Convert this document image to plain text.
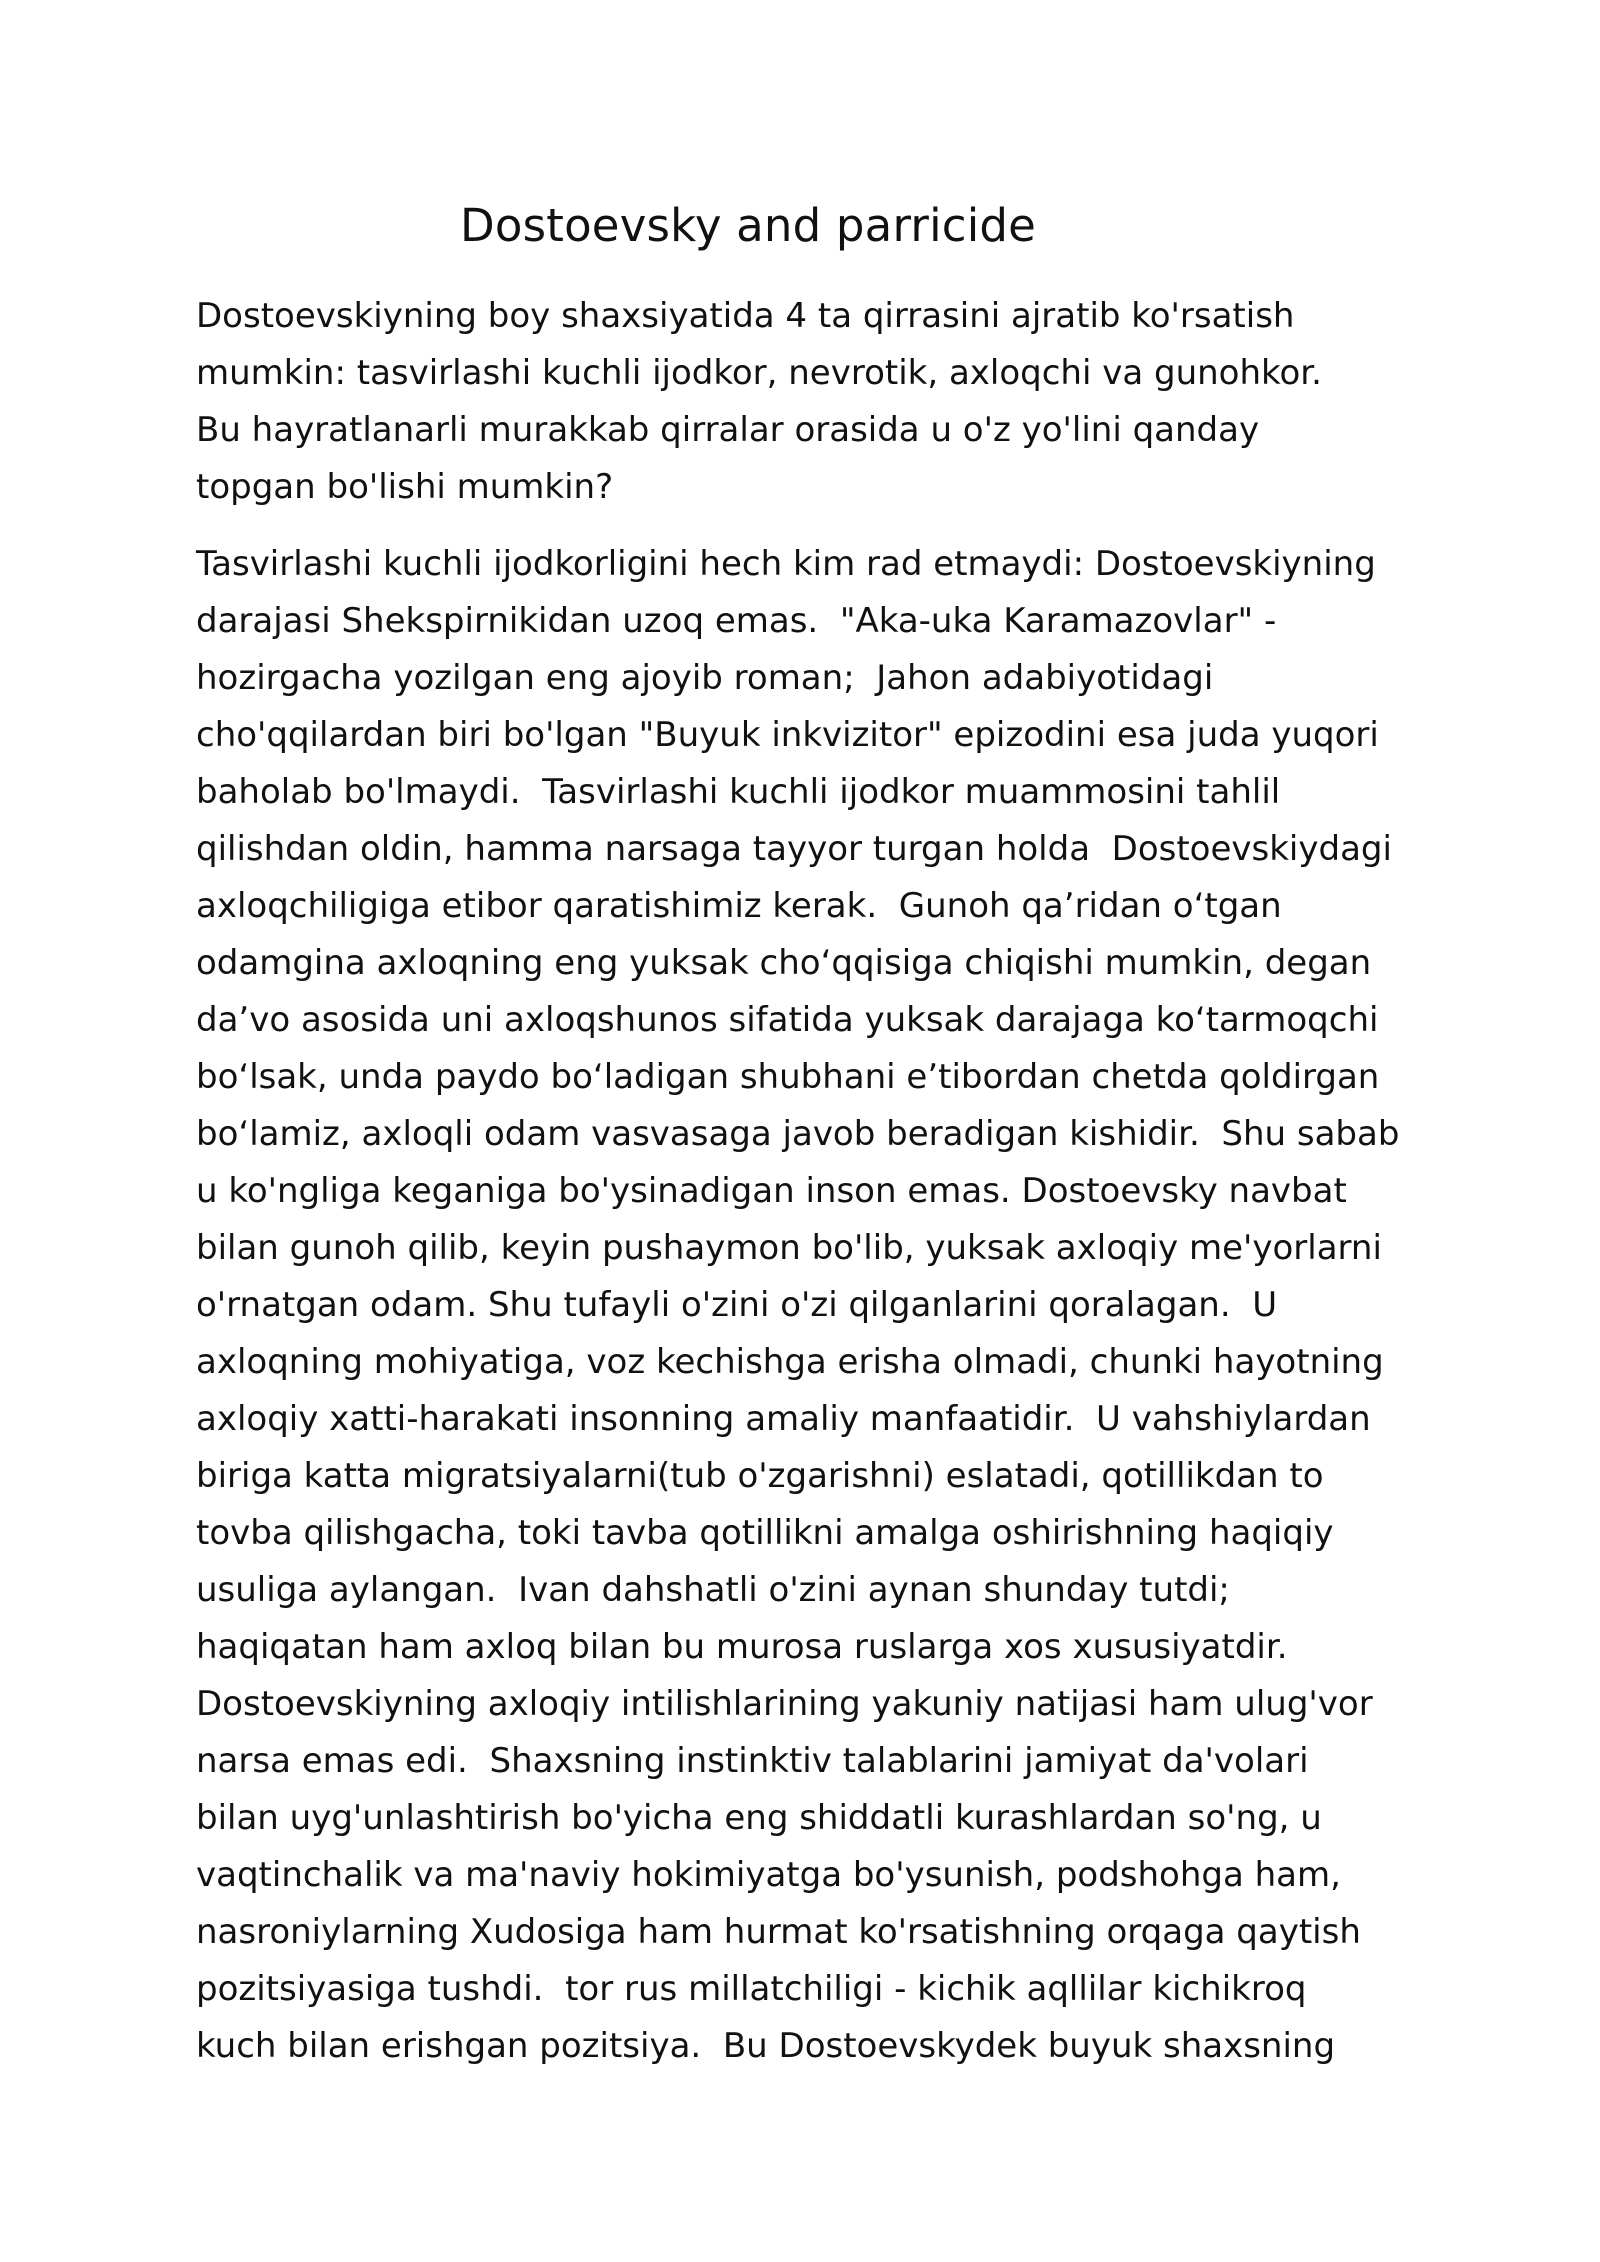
Dostoevsky and parricide
Dostoevskiyning boy shaxsiyatida 4 ta qirrasini ajratib ko'rsatish
mumkin: tasvirlashi kuchli ijodkor, nevrotik, axloqchi va gunohkor.
Bu hayratlanarli murakkab qirralar orasida u o'z yo'lini qanday
topgan bo'lishi mumkin?
Tasvirlashi kuchli ijodkorligini hech kim rad etmaydi: Dostoevskiyning
darajasi Shekspirnikidan uzoq emas.  "Aka-uka Karamazovlar" -
hozirgacha yozilgan eng ajoyib roman;  Jahon adabiyotidagi
cho'qqilardan biri bo'lgan "Buyuk inkvizitor" epizodini esa juda yuqori
baholab bo'lmaydi.  Tasvirlashi kuchli ijodkor muammosini tahlil
qilishdan oldin, hamma narsaga tayyor turgan holda  Dostoevskiydagi
axloqchiligiga etibor qaratishimiz kerak.  Gunoh qa’ridan o‘tgan
odamgina axloqning eng yuksak cho‘qqisiga chiqishi mumkin, degan
da’vo asosida uni axloqshunos sifatida yuksak darajaga ko‘tarmoqchi
bo‘lsak, unda paydo bo‘ladigan shubhani e’tibordan chetda qoldirgan
bo‘lamiz, axloqli odam vasvasaga javob beradigan kishidir.  Shu sabab
u ko'ngliga keganiga bo'ysinadigan inson emas. Dostoevsky navbat
bilan gunoh qilib, keyin pushaymon bo'lib, yuksak axloqiy me'yorlarni
o'rnatgan odam. Shu tufayli o'zini o'zi qilganlarini qoralagan.  U
axloqning mohiyatiga, voz kechishga erisha olmadi, chunki hayotning
axloqiy xatti-harakati insonning amaliy manfaatidir.  U vahshiylardan
biriga katta migratsiyalarni(tub o'zgarishni) eslatadi, qotillikdan to
tovba qilishgacha, toki tavba qotillikni amalga oshirishning haqiqiy
usuliga aylangan.  Ivan dahshatli o'zini aynan shunday tutdi;
haqiqatan ham axloq bilan bu murosa ruslarga xos xususiyatdir.
Dostoevskiyning axloqiy intilishlarining yakuniy natijasi ham ulug'vor
narsa emas edi.  Shaxsning instinktiv talablarini jamiyat da'volari
bilan uyg'unlashtirish bo'yicha eng shiddatli kurashlardan so'ng, u
vaqtinchalik va ma'naviy hokimiyatga bo'ysunish, podshohga ham,
nasroniylarning Xudosiga ham hurmat ko'rsatishning orqaga qaytish
pozitsiyasiga tushdi.  tor rus millatchiligi - kichik aqllilar kichikroq
kuch bilan erishgan pozitsiya.  Bu Dostoevskydek buyuk shaxsning
